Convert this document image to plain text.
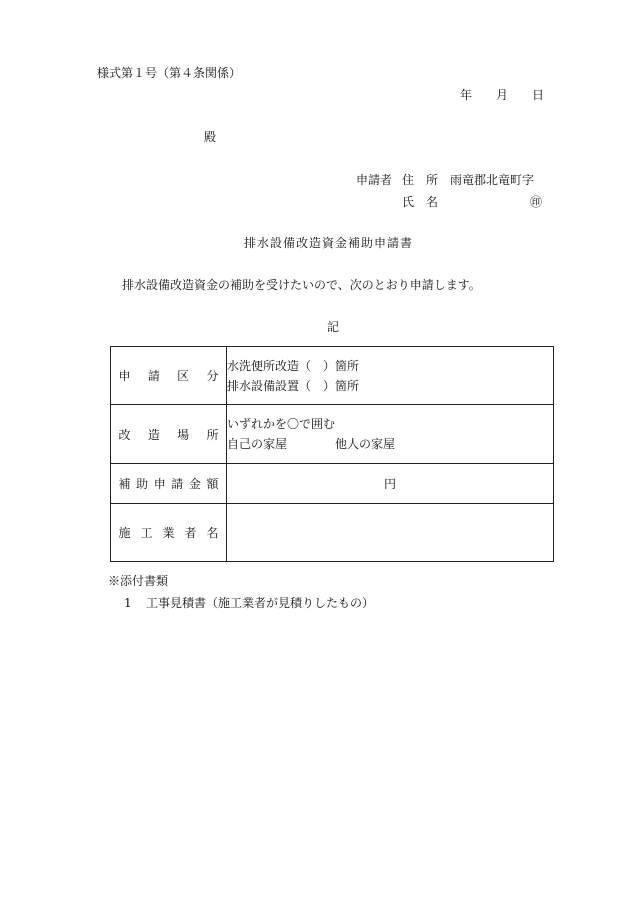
様式第１号（第４条関係）
年 月 日
殿
申請者 住　所 雨竜郡北竜町字
氏　名	㊞
排水設備改造資金補助申請書
排水設備改造資金の補助を受けたいので、次のとおり申請します。
記
申請区分	水洗便所改造（　）箇所
排水設備設置（　）箇所

改造場所	いずれかを〇で囲む
自己の家屋 他人の家屋

補助申請金額	円
施工業者名	
※添付書類
1 工事見積書（施工業者が見積りしたもの）
